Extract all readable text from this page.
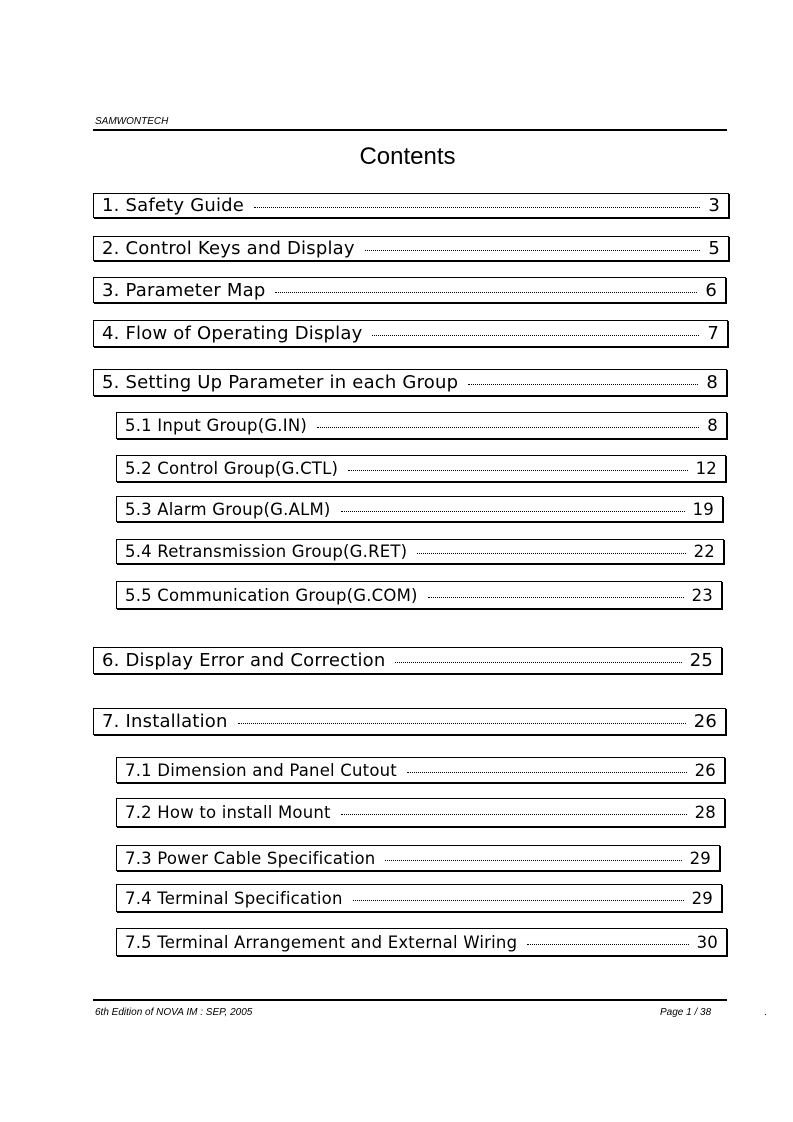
SAMWONTECH
Contents
1. Safety Guide	3
2. Control Keys and Display	5
3. Parameter Map	6
4. Flow of Operating Display	7
5. Setting Up Parameter in each Group	8
5.1 Input Group(G.IN)	8
5.2 Control Group(G.CTL)	12
5.3 Alarm Group(G.ALM)	19
5.4 Retransmission Group(G.RET)	22
5.5 Communication Group(G.COM)	23
6. Display Error and Correction	25
7. Installation	26
7.1 Dimension and Panel Cutout	26
7.2 How to install Mount	28
7.3 Power Cable Specification	29
7.4 Terminal Specification	29
7.5 Terminal Arrangement and External Wiring	30
6th Edition of NOVA IM : SEP, 2005	Page 1 / 38	.
